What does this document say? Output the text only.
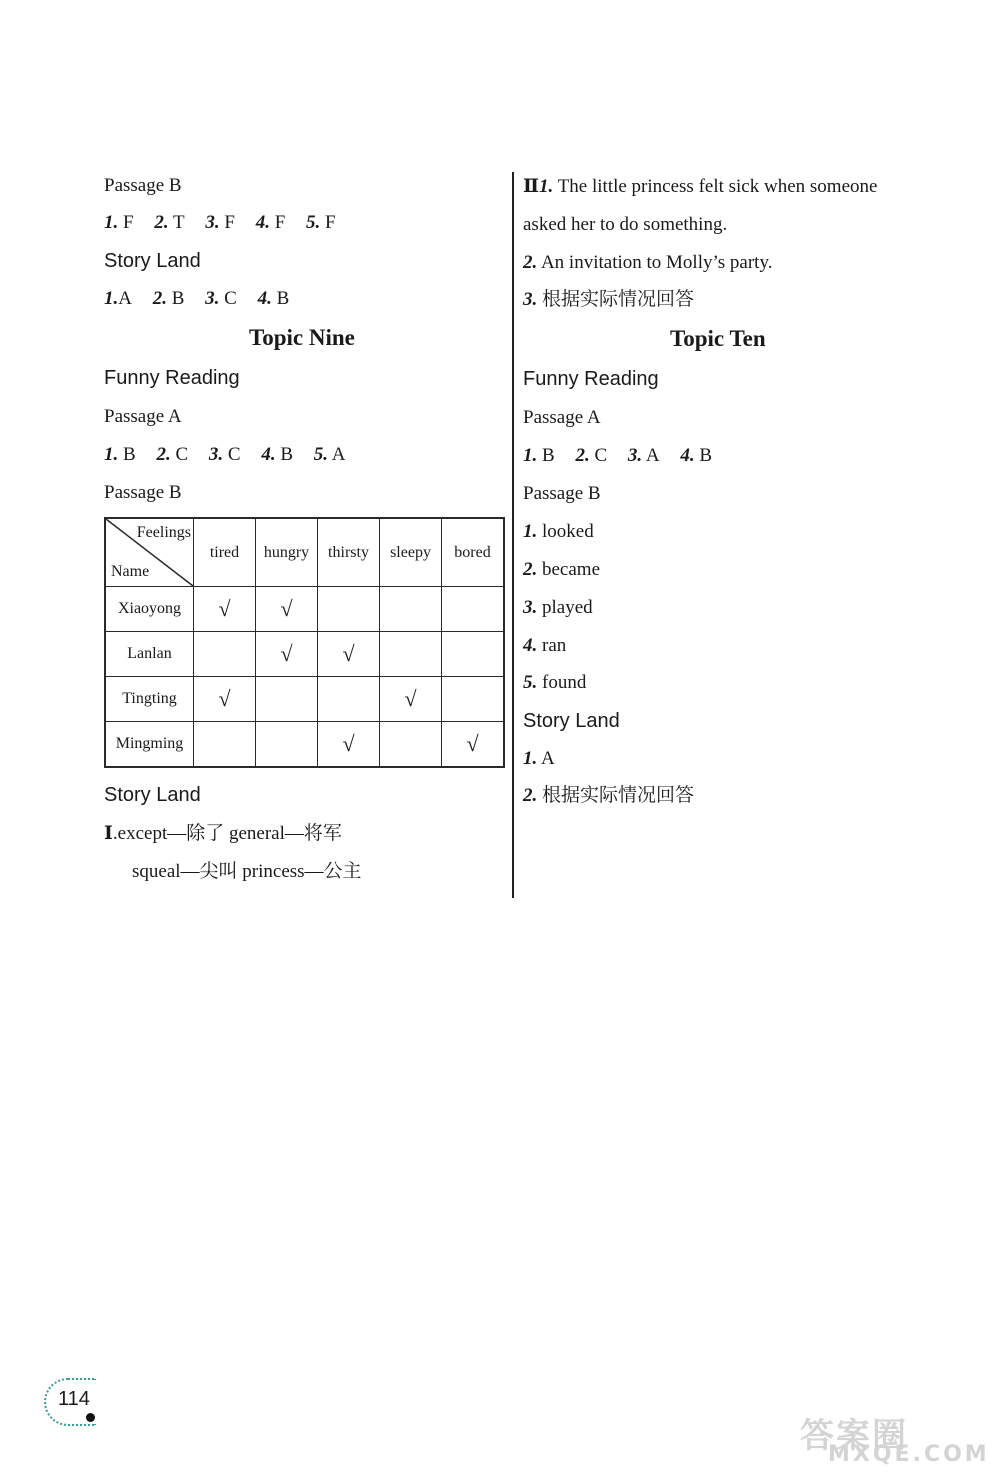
Passage B
1. F 2. T 3. F 4. F 5. F
Story Land
1.A 2. B 3. C 4. B
Topic Nine
Funny Reading
Passage A
1. B 2. C 3. C 4. B 5. A
Passage B
Feelings
Name	tired	hungry	thirsty	sleepy	bored
Xiaoyong	√	√			
Lanlan		√	√		
Tingting	√			√	
Mingming			√		√
Story Land
Ⅰ.except—除了 general—将军
squeal—尖叫 princess—公主
Ⅱ1. The little princess felt sick when someone
asked her to do something.
2. An invitation to Molly’s party.
3. 根据实际情况回答
Topic Ten
Funny Reading
Passage A
1. B 2. C 3. A 4. B
Passage B
1. looked
2. became
3. played
4. ran
5. found
Story Land
1. A
2. 根据实际情况回答
114
答案圈
MXQE.COM
